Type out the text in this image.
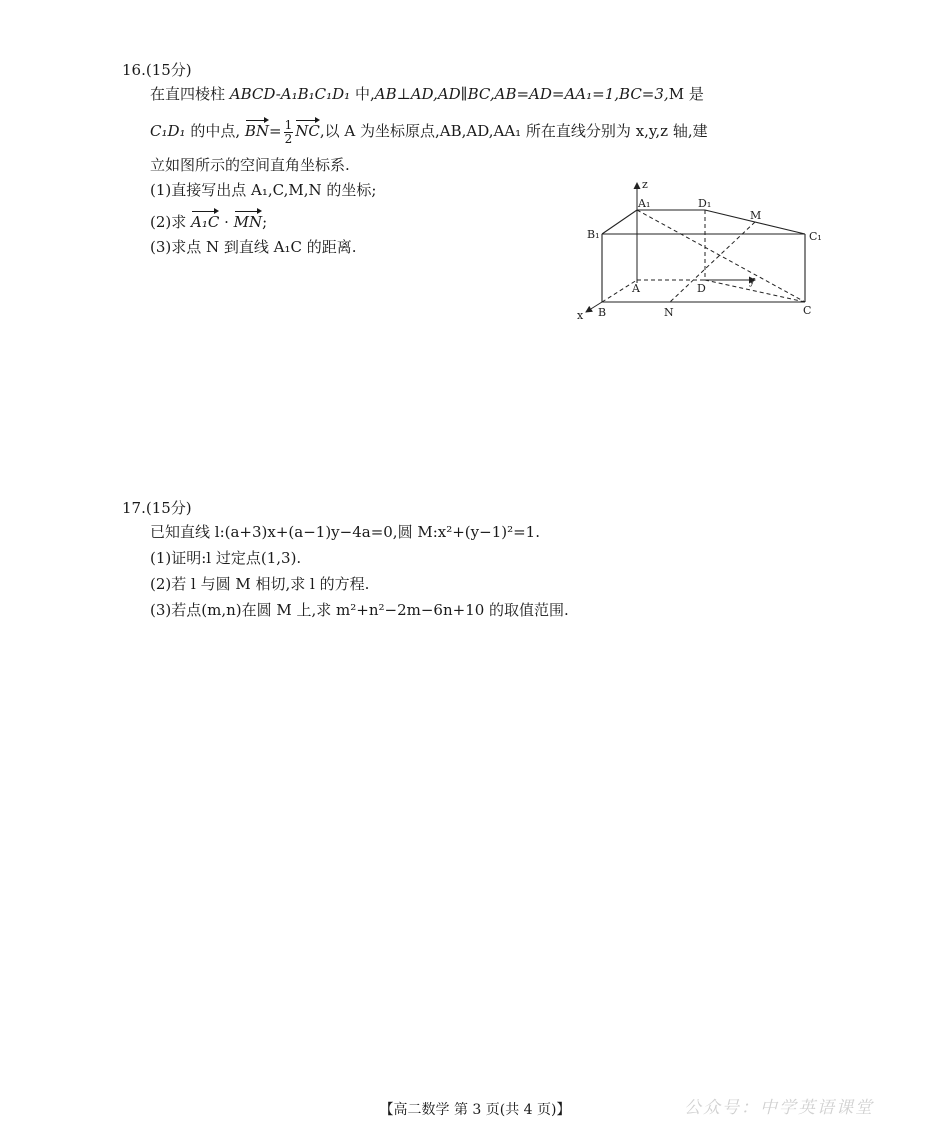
16.(15分)
在直四棱柱 ABCD-A₁B₁C₁D₁ 中,AB⊥AD,AD∥BC,AB=AD=AA₁=1,BC=3,M 是
C₁D₁ 的中点, $BN= \frac{1}{2}$ NC,以 A 为坐标原点,AB,AD,AA₁ 所在直线分别为 x,y,z 轴,建
立如图所示的空间直角坐标系.
(1)直接写出点 A₁,C,M,N 的坐标;
(2)求 A₁C · MN;
(3)求点 N 到直线 A₁C 的距离.
z
y
x
A₁	D₁
M
B₁	C₁
A	D
B	N	C
17.(15分)
已知直线 l:(a+3)x+(a−1)y−4a=0,圆 M:x²+(y−1)²=1.
(1)证明:l 过定点(1,3).
(2)若 l 与圆 M 相切,求 l 的方程.
(3)若点(m,n)在圆 M 上,求 m²+n²−2m−6n+10 的取值范围.
【高二数学 第 3 页(共 4 页)】	公众号：中学英语课堂
